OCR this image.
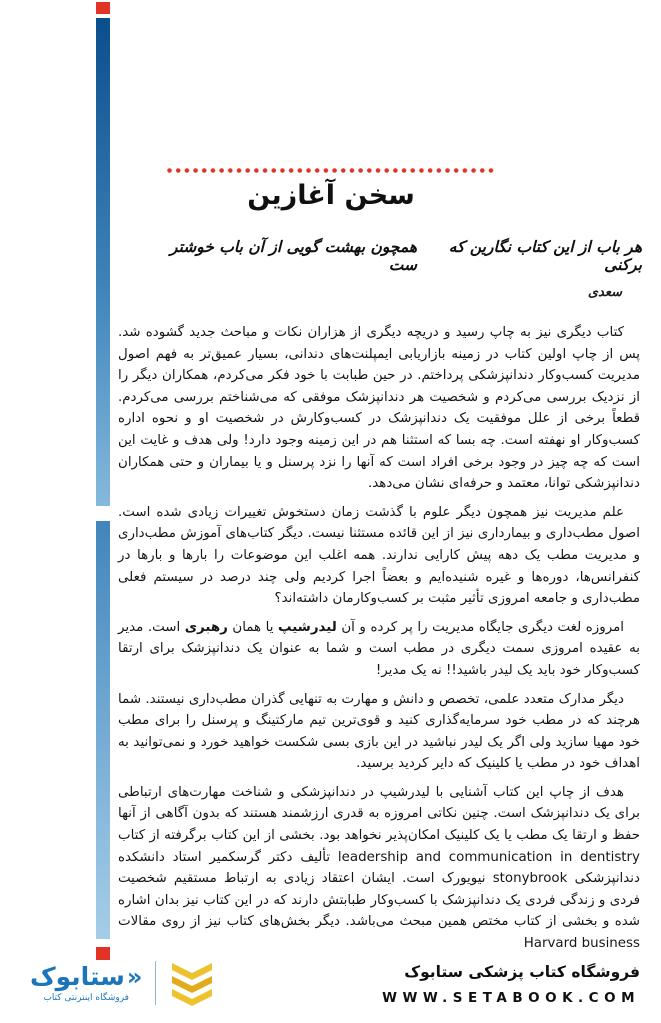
سخن آغازین
هر باب از این کتاب نگارین که برکنی
همچون بهشت گویی از آن باب خوشتر ست
سعدی

کتاب دیگری نیز به چاپ رسید و دریچه دیگری از هزاران نکات و مباحث جدید گشوده شد. پس از چاپ اولین کتاب در زمینه بازاریابی ایمپلنت‌های دندانی، بسیار عمیق‌تر به فهم اصول مدیریت کسب‌وکار دندانپزشکی پرداختم. در حین طبابت با خود فکر می‌کردم، همکاران دیگر را از نزدیک بررسی می‌کردم و شخصیت هر دندانپزشک موفقی که می‌شناختم بررسی می‌کردم. قطعاً برخی از علل موفقیت یک دندانپزشک در کسب‌وکارش در شخصیت او و نحوه اداره کسب‌وکار او نهفته است. چه بسا که استثنا هم در این زمینه وجود دارد! ولی هدف و غایت این است که چه چیز در وجود برخی افراد است که آنها را نزد پرسنل و یا بیماران و حتی همکاران دندانپزشکی توانا، معتمد و حرفه‌ای نشان می‌دهد.

علم مدیریت نیز همچون دیگر علوم با گذشت زمان دستخوش تغییرات زیادی شده است. اصول مطب‌داری و بیمارداری نیز از این قائده مستثنا نیست. دیگر کتاب‌های آموزش مطب‌داری و مدیریت مطب یک دهه پیش کارایی ندارند. همه اغلب این موضوعات را بارها و بارها در کنفرانس‌ها، دوره‌ها و غیره شنیده‌ایم و بعضاً اجرا کردیم ولی چند درصد در سیستم فعلی مطب‌داری و جامعه امروزی تأثیر مثبت بر کسب‌وکارمان داشته‌اند؟

امروزه لغت دیگری جایگاه مدیریت را پر کرده و آن لیدرشیپ یا همان رهبری است. مدیر به عقیده امروزی سمت دیگری در مطب است و شما به عنوان یک دندانپزشک برای ارتقا کسب‌وکار خود باید یک لیدر باشید!! نه یک مدیر!

دیگر مدارک متعدد علمی، تخصص و دانش و مهارت به تنهایی گذران مطب‌داری نیستند. شما هرچند که در مطب خود سرمایه‌گذاری کنید و قوی‌ترین تیم مارکتینگ و پرسنل را برای مطب خود مهیا سازید ولی اگر یک لیدر نباشید در این بازی بسی شکست خواهید خورد و نمی‌توانید به اهداف خود در مطب یا کلینیک که دایر کردید برسید.

هدف از چاپ این کتاب آشنایی با لیدرشیپ در دندانپزشکی و شناخت مهارت‌های ارتباطی برای یک دندانپزشک است. چنین نکاتی امروزه به قدری ارزشمند هستند که بدون آگاهی از آنها حفظ و ارتقا یک مطب یا یک کلینیک امکان‌پذیر نخواهد بود. بخشی از این کتاب برگرفته از کتاب leadership and communication in dentistry تألیف دکتر گرسکمیر استاد دانشکده دندانپزشکی stonybrook نیویورک است. ایشان اعتقاد زیادی به ارتباط مستقیم شخصیت فردی و زندگی فردی یک دندانپزشک با کسب‌وکار طبابتش دارند که در این کتاب نیز بدان اشاره شده و بخشی از کتاب مختص همین مبحث می‌باشد. دیگر بخش‌های کتاب نیز از روی مقالات Harvard business

«
ستابوک
فروشگاه اینترنتی کتاب
فروشگاه کتاب پزشکی ستابوک
WWW.SETABOOK.COM
